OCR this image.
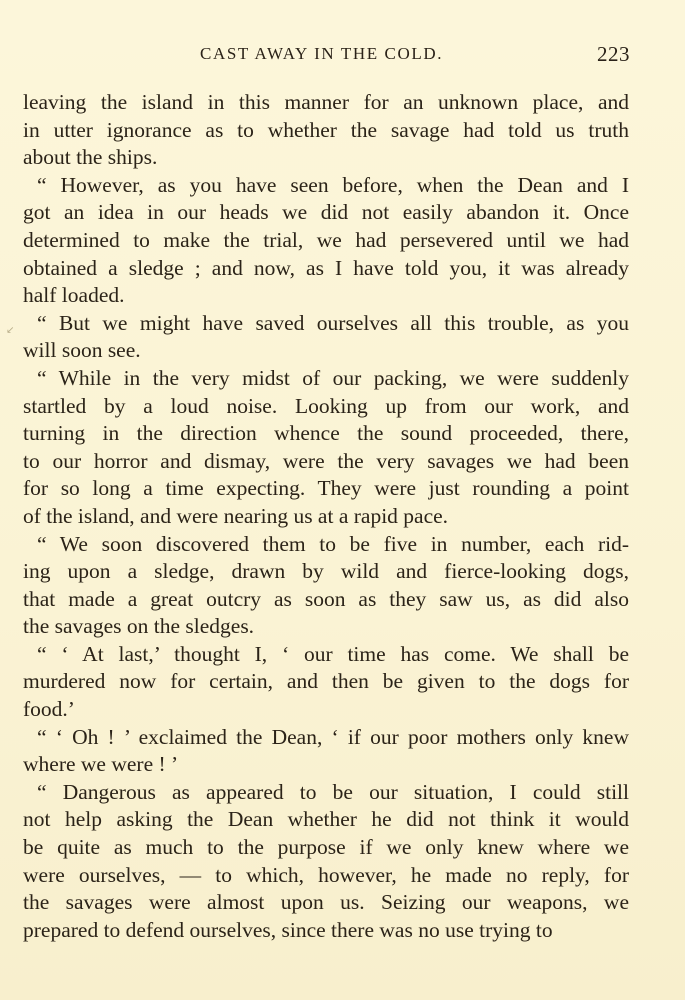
CAST AWAY IN THE COLD.	223
↙
leaving the island in this manner for an unknown place, and
in utter ignorance as to whether the savage had told us truth
about the ships.
“ However, as you have seen before, when the Dean and I
got an idea in our heads we did not easily abandon it. Once
determined to make the trial, we had persevered until we had
obtained a sledge ; and now, as I have told you, it was already
half loaded.
“ But we might have saved ourselves all this trouble, as you
will soon see.
“ While in the very midst of our packing, we were suddenly
startled by a loud noise. Looking up from our work, and
turning in the direction whence the sound proceeded, there,
to our horror and dismay, were the very savages we had been
for so long a time expecting. They were just rounding a point
of the island, and were nearing us at a rapid pace.
“ We soon discovered them to be five in number, each rid-
ing upon a sledge, drawn by wild and fierce-looking dogs,
that made a great outcry as soon as they saw us, as did also
the savages on the sledges.
“ ‘ At last,’ thought I, ‘ our time has come. We shall be
murdered now for certain, and then be given to the dogs for
food.’
“ ‘ Oh ! ’ exclaimed the Dean, ‘ if our poor mothers only knew
where we were ! ’
“ Dangerous as appeared to be our situation, I could still
not help asking the Dean whether he did not think it would
be quite as much to the purpose if we only knew where we
were ourselves, — to which, however, he made no reply, for
the savages were almost upon us. Seizing our weapons, we
prepared to defend ourselves, since there was no use trying to
